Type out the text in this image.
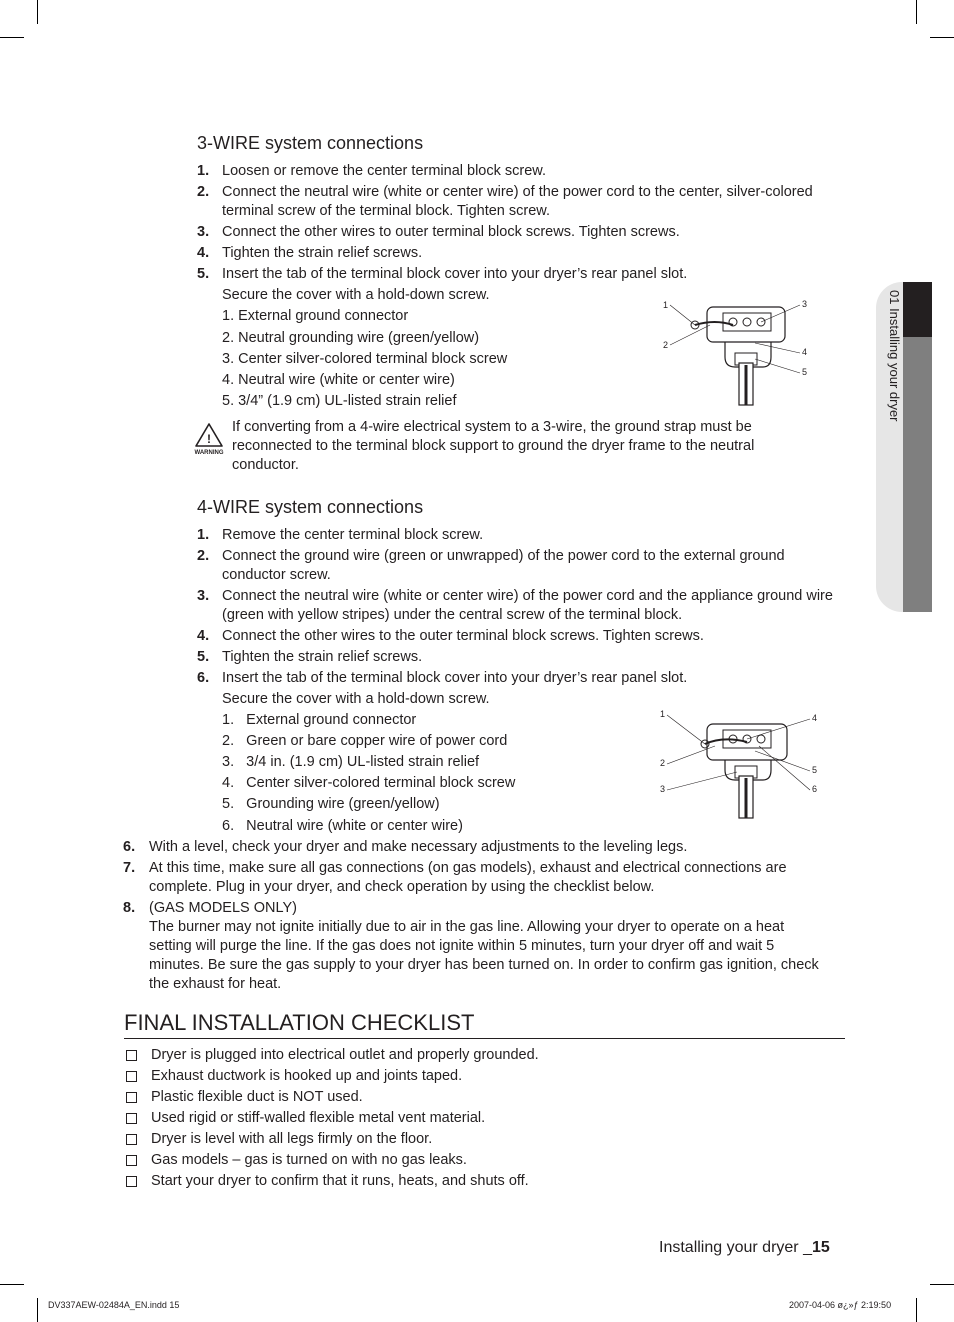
01 Installing your dryer
3-WIRE system connections
1. Loosen or remove the center terminal block screw.
2. Connect the neutral wire (white or center wire) of the power cord to the center, silver-colored terminal screw of the terminal block. Tighten screw.
3. Connect the other wires to outer terminal block screws. Tighten screws.
4. Tighten the strain relief screws.
5. Insert the tab of the terminal block cover into your dryer’s rear panel slot.
Secure the cover with a hold-down screw.
1. External ground connector
2. Neutral grounding wire (green/yellow)
3. Center silver-colored terminal block screw
4. Neutral wire (white or center wire)
5. 3/4” (1.9 cm) UL-listed strain relief
1
2
3
4
5
!
WARNING
If converting from a 4-wire electrical system to a 3-wire, the ground strap must be reconnected to the terminal block support to ground the dryer frame to the neutral conductor.
4-WIRE system connections
1. Remove the center terminal block screw.
2. Connect the ground wire (green or unwrapped) of the power cord to the external ground conductor screw.
3. Connect the neutral wire (white or center wire) of the power cord and the appliance ground wire (green with yellow stripes) under the central screw of the terminal block.
4. Connect the other wires to the outer terminal block screws. Tighten screws.
5. Tighten the strain relief screws.
6. Insert the tab of the terminal block cover into your dryer’s rear panel slot.
Secure the cover with a hold-down screw.
1.   External ground connector
2.   Green or bare copper wire of power cord
3.   3/4 in. (1.9 cm) UL-listed strain relief
4.   Center silver-colored terminal block screw
5.   Grounding wire (green/yellow)
6.   Neutral wire (white or center wire)
1
2
3
4
5
6
6. With a level, check your dryer and make necessary adjustments to the leveling legs.
7. At this time, make sure all gas connections (on gas models), exhaust and electrical connections are complete. Plug in your dryer, and check operation by using the checklist below.
8. (GAS MODELS ONLY)
The burner may not ignite initially due to air in the gas line. Allowing your dryer to operate on a heat setting will purge the line. If the gas does not ignite within 5 minutes, turn your dryer off and wait 5 minutes. Be sure the gas supply to your dryer has been turned on. In order to confirm gas ignition, check the exhaust for heat.
FINAL INSTALLATION CHECKLIST
Dryer is plugged into electrical outlet and properly grounded.
Exhaust ductwork is hooked up and joints taped.
Plastic flexible duct is NOT used.
Used rigid or stiff-walled flexible metal vent material.
Dryer is level with all legs firmly on the floor.
Gas models – gas is turned on with no gas leaks.
Start your dryer to confirm that it runs, heats, and shuts off.
Installing your dryer _15
DV337AEW-02484A_EN.indd 15	2007-04-06 ø¿»ƒ 2:19:50
